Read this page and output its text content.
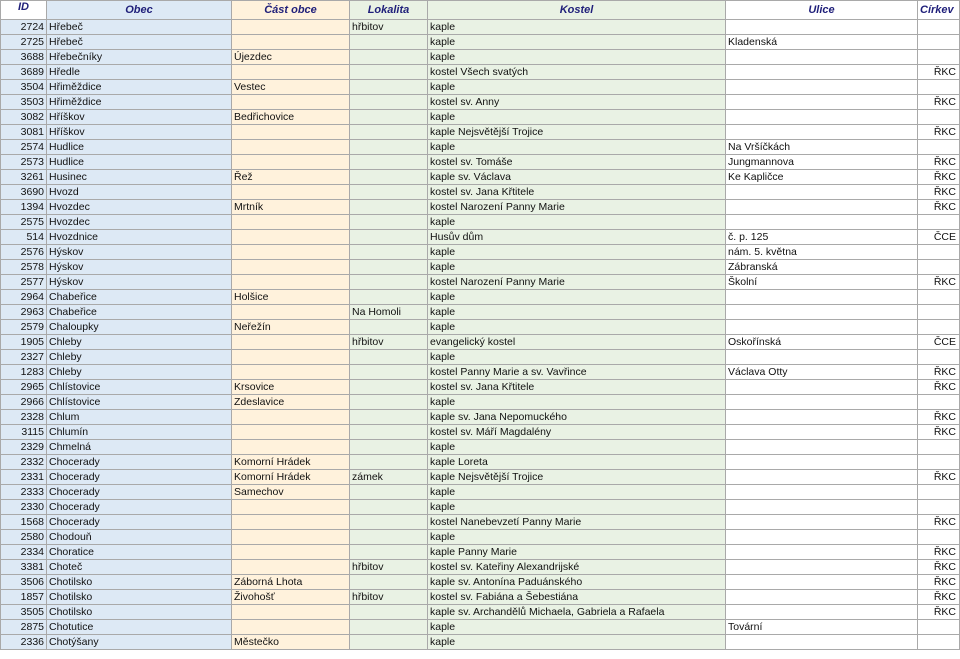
ID	Obec	Část obce	Lokalita	Kostel	Ulice	Církev
2724	Hřebeč		hřbitov	kaple		
2725	Hřebeč			kaple	Kladenská	
3688	Hřebečníky	Újezdec		kaple		
3689	Hředle			kostel Všech svatých		ŘKC
3504	Hřiměždice	Vestec		kaple		
3503	Hřiměždice			kostel sv. Anny		ŘKC
3082	Hříškov	Bedřichovice		kaple		
3081	Hříškov			kaple Nejsvětější Trojice		ŘKC
2574	Hudlice			kaple	Na Vršíčkách	
2573	Hudlice			kostel sv. Tomáše	Jungmannova	ŘKC
3261	Husinec	Řež		kaple sv. Václava	Ke Kapličce	ŘKC
3690	Hvozd			kostel sv. Jana Křtitele		ŘKC
1394	Hvozdec	Mrtník		kostel Narození Panny Marie		ŘKC
2575	Hvozdec			kaple		
514	Hvozdnice			Husův dům	č. p. 125	ČCE
2576	Hýskov			kaple	nám. 5. května	
2578	Hýskov			kaple	Zábranská	
2577	Hýskov			kostel Narození Panny Marie	Školní	ŘKC
2964	Chabeřice	Holšice		kaple		
2963	Chabeřice		Na Homoli	kaple		
2579	Chaloupky	Neřežín		kaple		
1905	Chleby		hřbitov	evangelický kostel	Oskořínská	ČCE
2327	Chleby			kaple		
1283	Chleby			kostel Panny Marie a sv. Vavřince	Václava Otty	ŘKC
2965	Chlístovice	Krsovice		kostel sv. Jana Křtitele		ŘKC
2966	Chlístovice	Zdeslavice		kaple		
2328	Chlum			kaple sv. Jana Nepomuckého		ŘKC
3115	Chlumín			kostel sv. Máří Magdalény		ŘKC
2329	Chmelná			kaple		
2332	Chocerady	Komorní Hrádek		kaple Loreta		
2331	Chocerady	Komorní Hrádek	zámek	kaple Nejsvětější Trojice		ŘKC
2333	Chocerady	Samechov		kaple		
2330	Chocerady			kaple		
1568	Chocerady			kostel Nanebevzetí Panny Marie		ŘKC
2580	Chodouň			kaple		
2334	Choratice			kaple Panny Marie		ŘKC
3381	Choteč		hřbitov	kostel sv. Kateřiny Alexandrijské		ŘKC
3506	Chotilsko	Záborná Lhota		kaple sv. Antonína Paduánského		ŘKC
1857	Chotilsko	Živohošť	hřbitov	kostel sv. Fabiána a Šebestiána		ŘKC
3505	Chotilsko			kaple sv. Archandělů Michaela, Gabriela a Rafaela		ŘKC
2875	Chotutice			kaple	Tovární	
2336	Chotýšany	Městečko		kaple		
